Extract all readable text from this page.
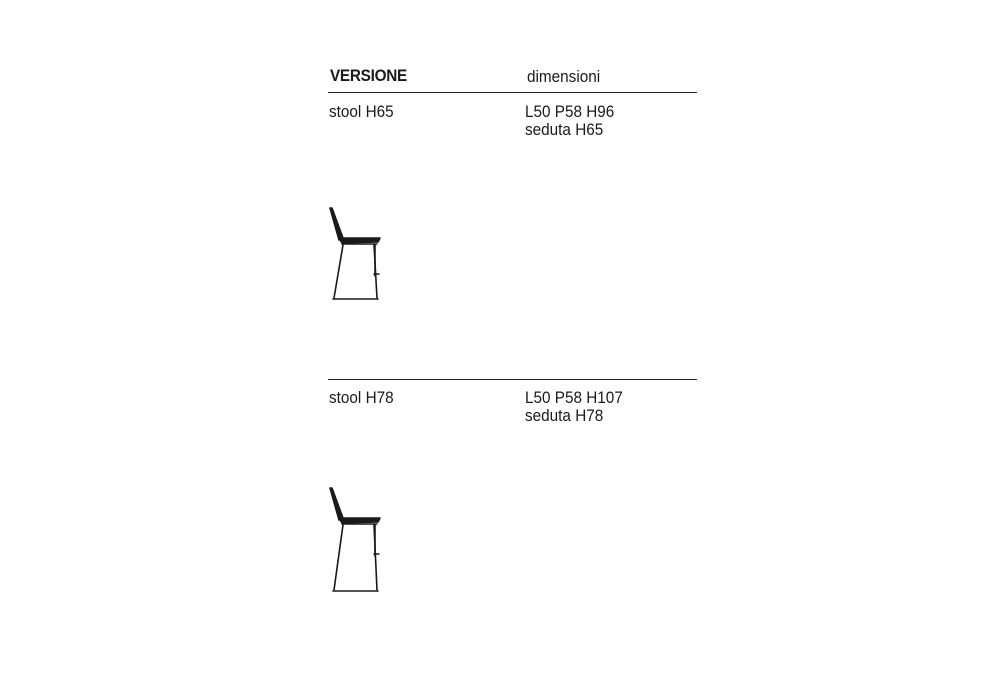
VERSIONE	dimensioni
stool H65	L50 P58 H96
seduta H65
stool H78	L50 P58 H107
seduta H78
